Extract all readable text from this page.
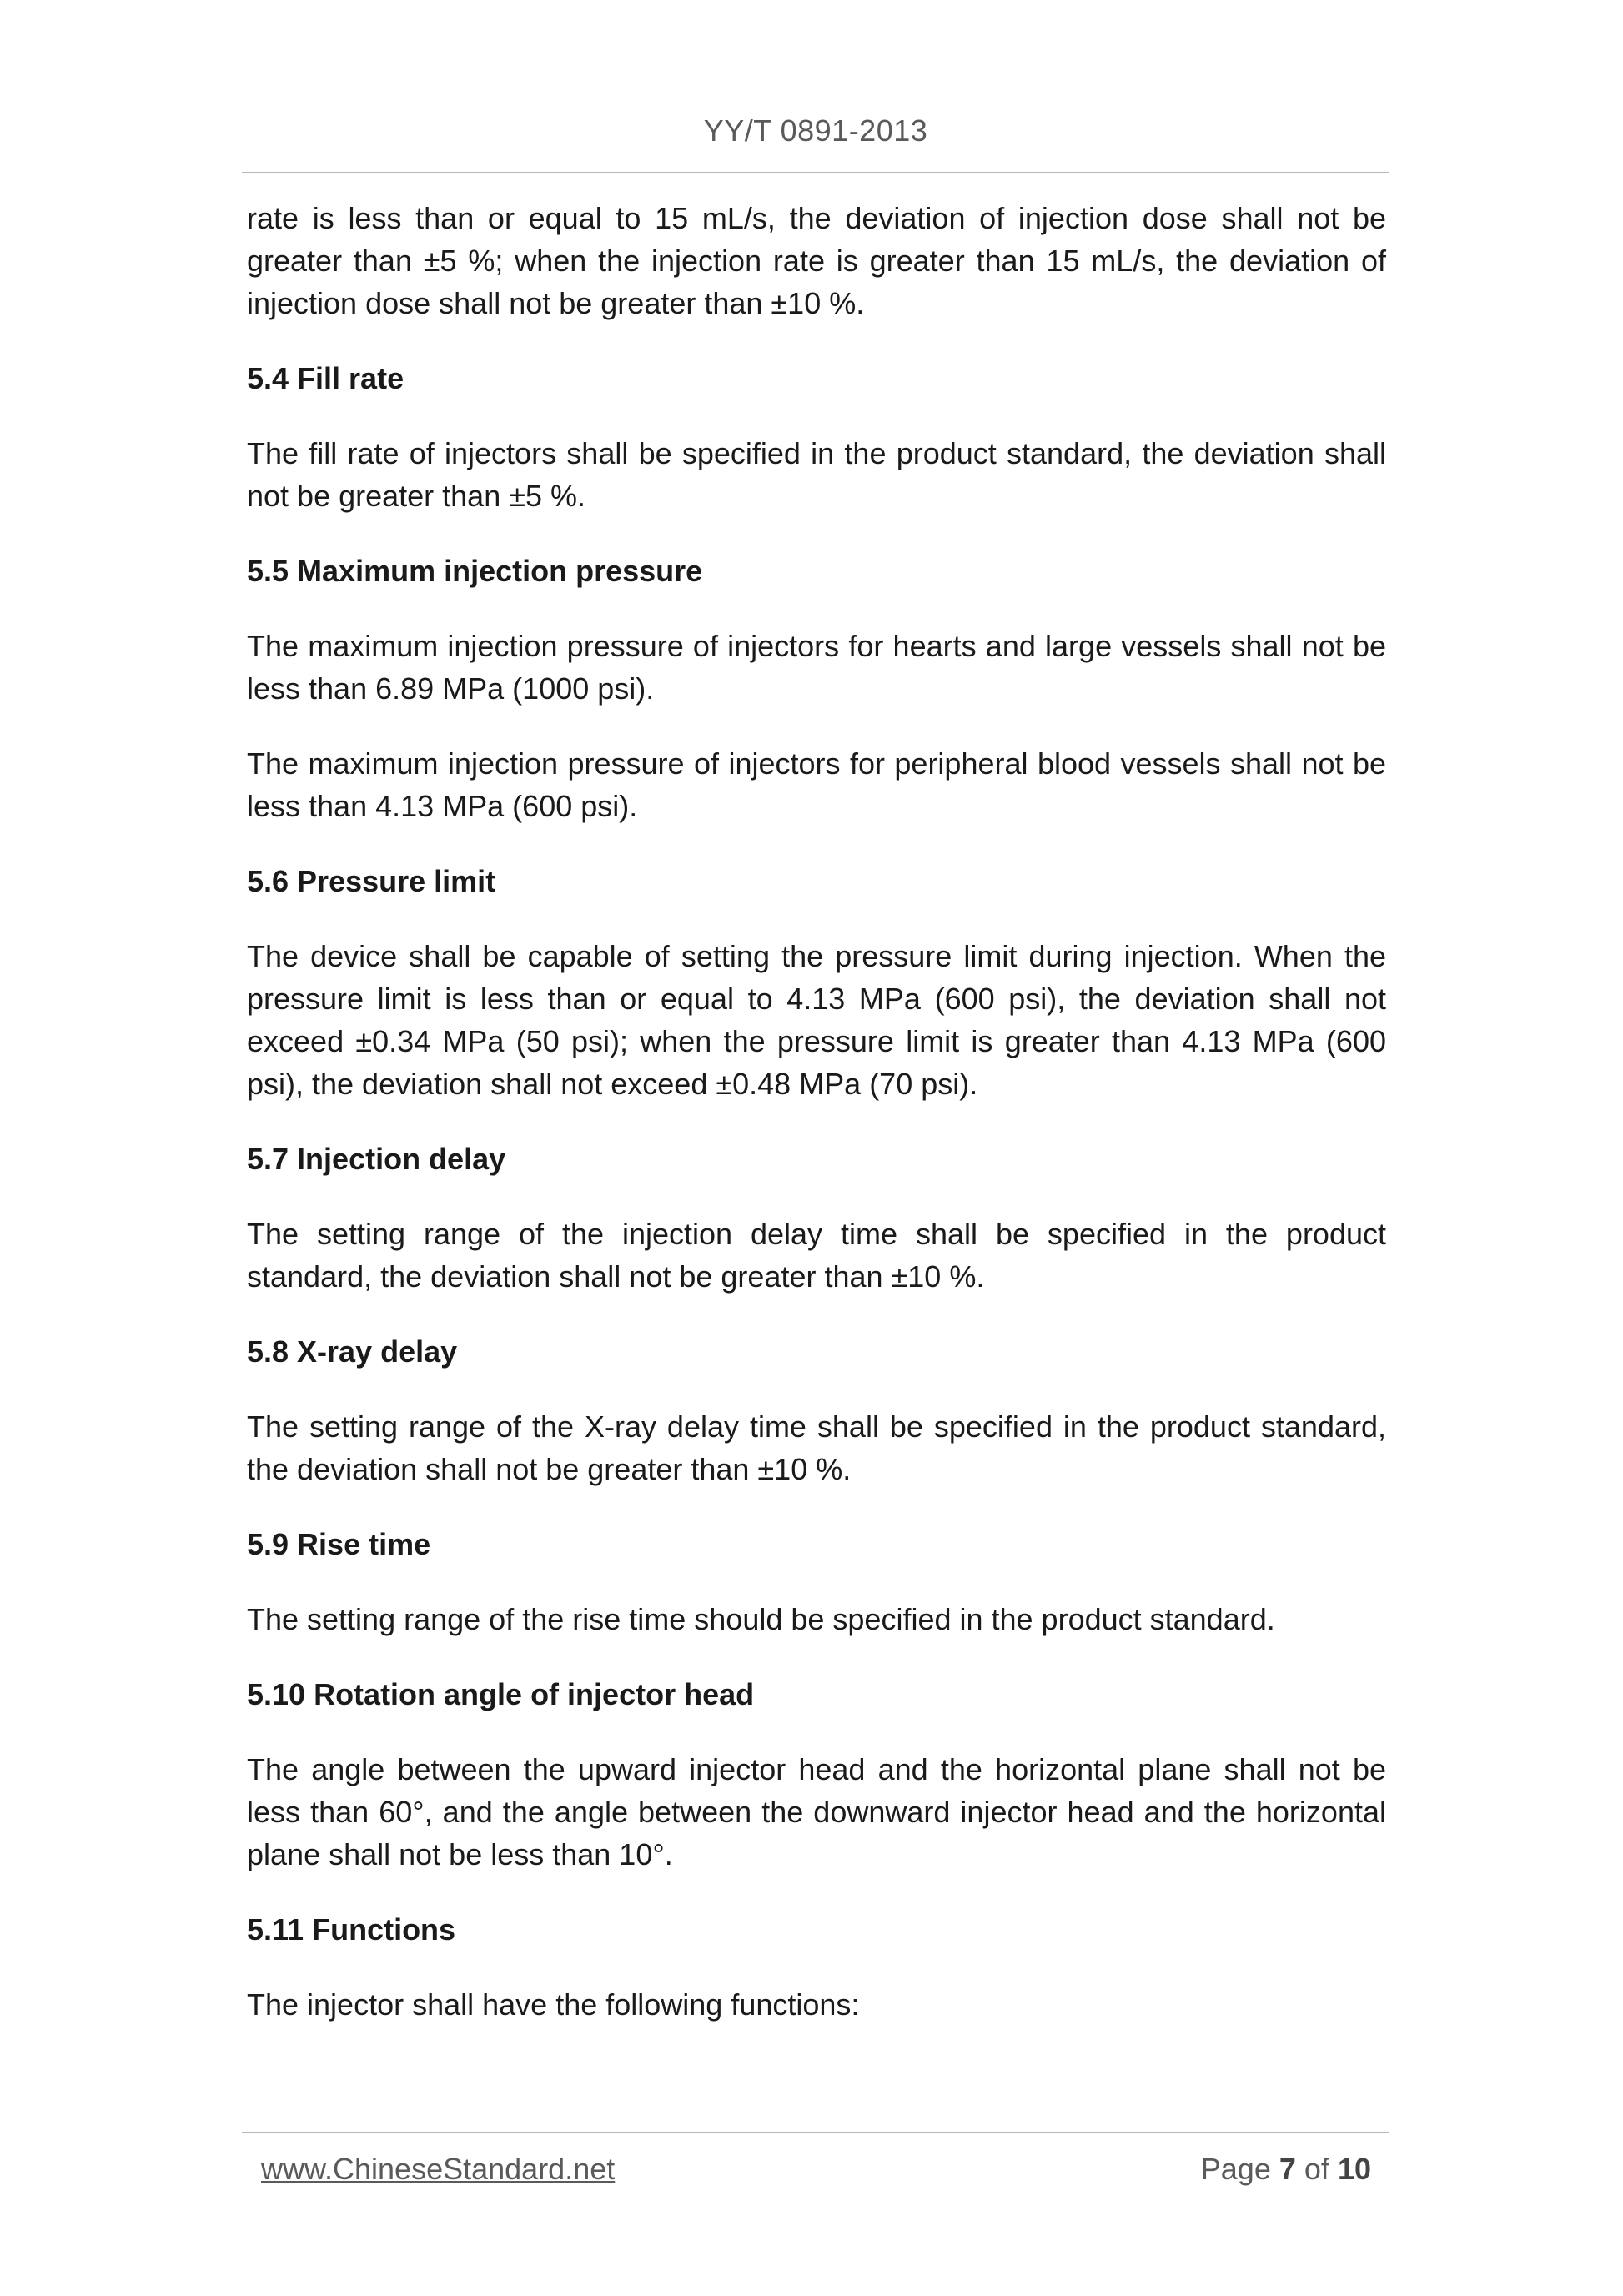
YY/T 0891-2013

rate is less than or equal to 15 mL/s, the deviation of injection dose shall not be greater than ±5 %; when the injection rate is greater than 15 mL/s, the deviation of injection dose shall not be greater than ±10 %.

5.4 Fill rate

The fill rate of injectors shall be specified in the product standard, the deviation shall not be greater than ±5 %.

5.5 Maximum injection pressure

The maximum injection pressure of injectors for hearts and large vessels shall not be less than 6.89 MPa (1000 psi).

The maximum injection pressure of injectors for peripheral blood vessels shall not be less than 4.13 MPa (600 psi).

5.6 Pressure limit

The device shall be capable of setting the pressure limit during injection. When the pressure limit is less than or equal to 4.13 MPa (600 psi), the deviation shall not exceed ±0.34 MPa (50 psi); when the pressure limit is greater than 4.13 MPa (600 psi), the deviation shall not exceed ±0.48 MPa (70 psi).

5.7 Injection delay

The setting range of the injection delay time shall be specified in the product standard, the deviation shall not be greater than ±10 %.

5.8 X-ray delay

The setting range of the X-ray delay time shall be specified in the product standard, the deviation shall not be greater than ±10 %.

5.9 Rise time

The setting range of the rise time should be specified in the product standard.

5.10 Rotation angle of injector head

The angle between the upward injector head and the horizontal plane shall not be less than 60°, and the angle between the downward injector head and the horizontal plane shall not be less than 10°.

5.11 Functions

The injector shall have the following functions:

www.ChineseStandard.net	Page 7 of 10
